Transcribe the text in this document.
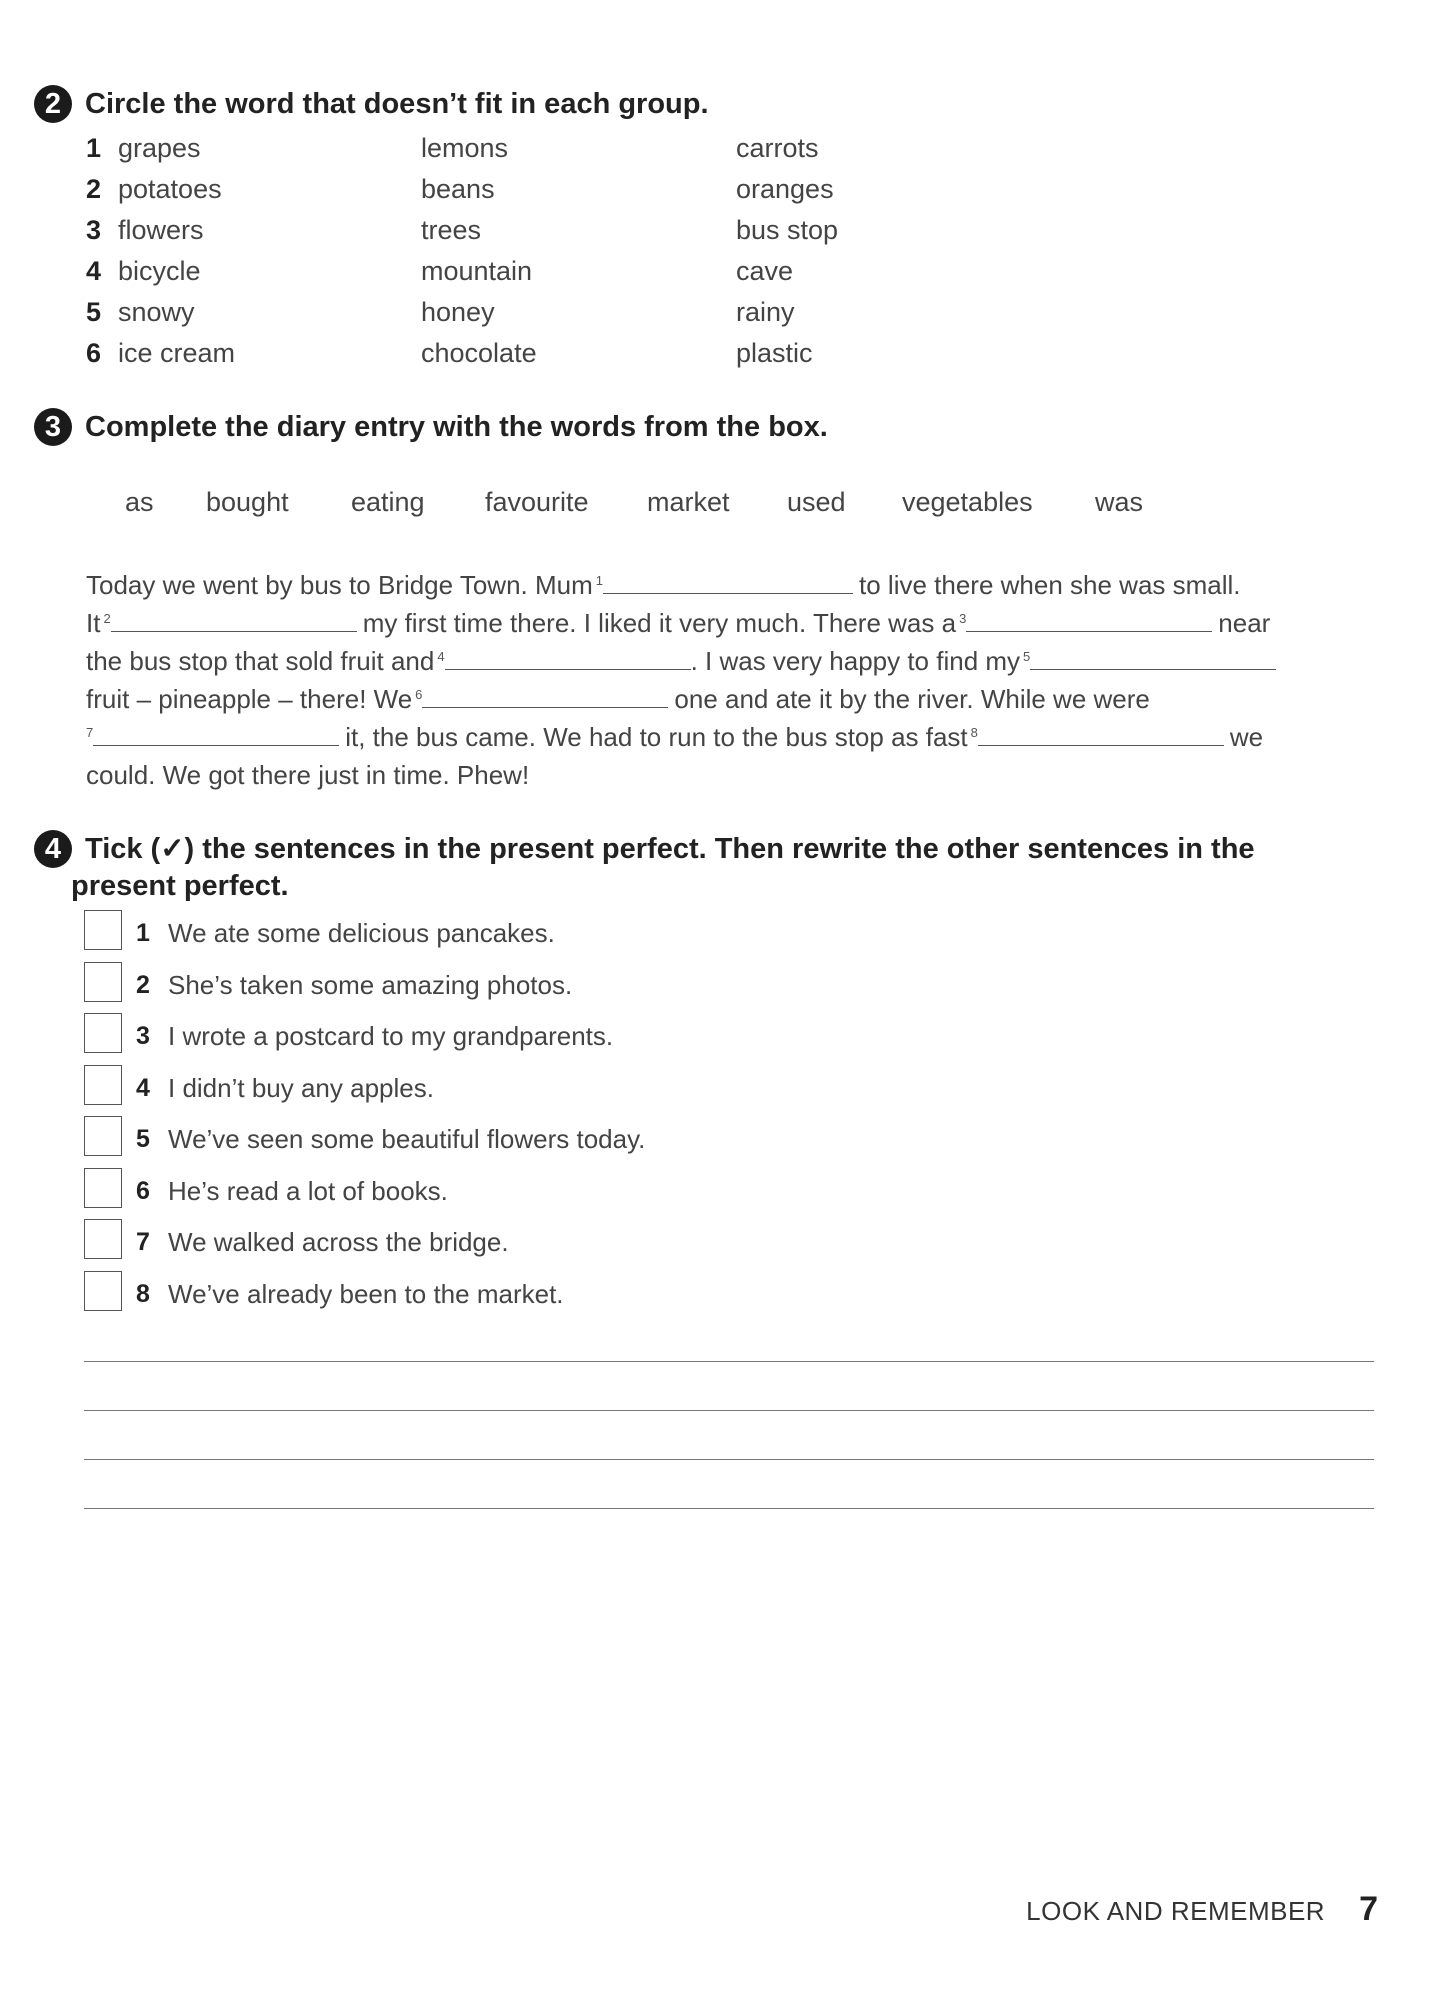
2 Circle the word that doesn’t fit in each group.
1 grapes	lemons	carrots
2 potatoes	beans	oranges
3 flowers	trees	bus stop
4 bicycle	mountain	cave
5 snowy	honey	rainy
6 ice cream	chocolate	plastic
3 Complete the diary entry with the words from the box.
as bought eating favourite market used vegetables was
Today we went by bus to Bridge Town. Mum $^1$	to live there when she was small.
It $^2$	my first time there. I liked it very much. There was a $^3$	near
the bus stop that sold fruit and $^4$	. I was very happy to find my $^5$
fruit – pineapple – there! We $^6$	one and ate it by the river. While we were
$^7$	it, the bus came. We had to run to the bus stop as fast $^8$	we
could. We got there just in time. Phew!
4 Tick (✓) the sentences in the present perfect. Then rewrite the other sentences in the
present perfect.
1 We ate some delicious pancakes.
2 She’s taken some amazing photos.
3 I wrote a postcard to my grandparents.
4 I didn’t buy any apples.
5 We’ve seen some beautiful flowers today.
6 He’s read a lot of books.
7 We walked across the bridge.
8 We’ve already been to the market.
LOOK AND REMEMBER 7
